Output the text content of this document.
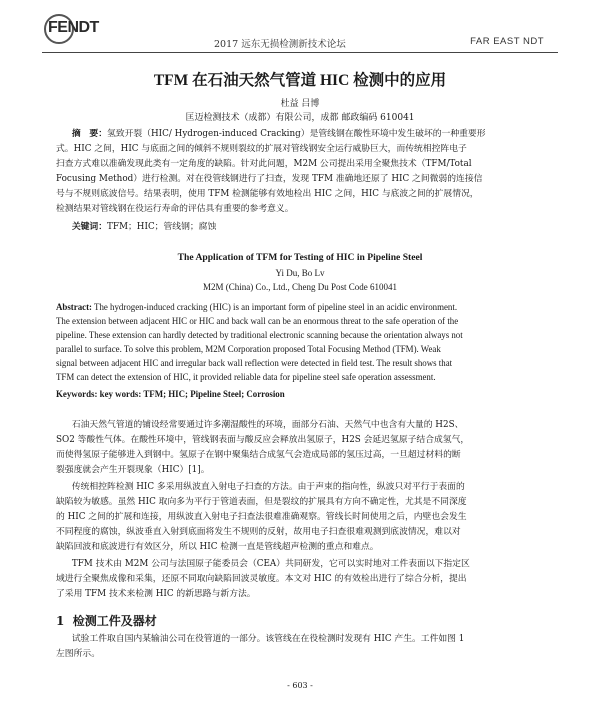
FENDT
2017 远东无损检测新技术论坛	FAR EAST NDT
TFM 在石油天然气管道 HIC 检测中的应用
杜益 吕博
匡迈检测技术（成都）有限公司，成都 邮政编码 610041
摘　要：氢致开裂（HIC/ Hydrogen-induced Cracking）是管线钢在酸性环境中发生破坏的一种重要形
式。HIC 之间，HIC 与底面之间的倾斜不规则裂纹的扩展对管线钢安全运行威胁巨大，而传统相控阵电子
扫查方式难以准确发现此类有一定角度的缺陷。针对此问题，M2M 公司提出采用全聚焦技术（TFM/Total
Focusing Method）进行检测。对在役管线钢进行了扫查，发现 TFM 准确地还原了 HIC 之间微弱的连接信
号与不规则底波信号。结果表明，使用 TFM 检测能够有效地检出 HIC 之间，HIC 与底波之间的扩展情况，
检测结果对管线钢在役运行寿命的评估具有重要的参考意义。
关键词：TFM；HIC；管线钢；腐蚀
The Application of TFM for Testing of HIC in Pipeline Steel
Yi Du, Bo Lv
M2M (China) Co., Ltd., Cheng Du Post Code 610041
Abstract: The hydrogen-induced cracking (HIC) is an important form of pipeline steel in an acidic environment.
The extension between adjacent HIC or HIC and back wall can be an enormous threat to the safe operation of the
pipeline. These extension can hardly detected by traditional electronic scanning because the orientation always not
parallel to surface. To solve this problem, M2M Corporation proposed Total Focusing Method (TFM). Weak
signal between adjacent HIC and irregular back wall reflection were detected in field test. The result shows that
TFM can detect the extension of HIC, it provided reliable data for pipeline steel safe operation assessment.
Keywords: key words: TFM; HIC; Pipeline Steel; Corrosion
石油天然气管道的铺设经常要通过许多潮湿酸性的环境，面部分石油、天然气中也含有大量的 H2S、
SO2 等酸性气体。在酸性环境中，管线钢表面与酸反应会释放出氢原子，H2S 会延迟氢原子结合成氢气，
而使得氢原子能够进入到钢中。氢原子在钢中聚集结合成氢气会造成局部的氢压过高，一旦超过材料的断
裂强度就会产生开裂现象（HIC）[1]。
传统相控阵检测 HIC 多采用纵波直入射电子扫查的方法。由于声束的指向性，纵波只对平行于表面的
缺陷较为敏感。虽然 HIC 取向多为平行于管道表面，但是裂纹的扩展具有方向不确定性，尤其是不同深度
的 HIC 之间的扩展和连接，用纵波直入射电子扫查法很难准确观察。管线长时间使用之后，内壁也会发生
不同程度的腐蚀，纵波垂直入射到底面将发生不规则的反射，故用电子扫查很难观测到底波情况，难以对
缺陷回波和底波进行有效区分，所以 HIC 检测一直是管线超声检测的重点和难点。
TFM 技术由 M2M 公司与法国原子能委员会（CEA）共同研发，它可以实时地对工件表面以下指定区
域进行全聚焦成像和采集，还原不同取向缺陷回波灵敏度。本文对 HIC 的有效检出进行了综合分析，提出
了采用 TFM 技术来检测 HIC 的新思路与新方法。
1 检测工件及器材
试验工件取自国内某输油公司在役管道的一部分。该管线在在役检测时发现有 HIC 产生。工件如图 1
左图所示。
- 603 -
